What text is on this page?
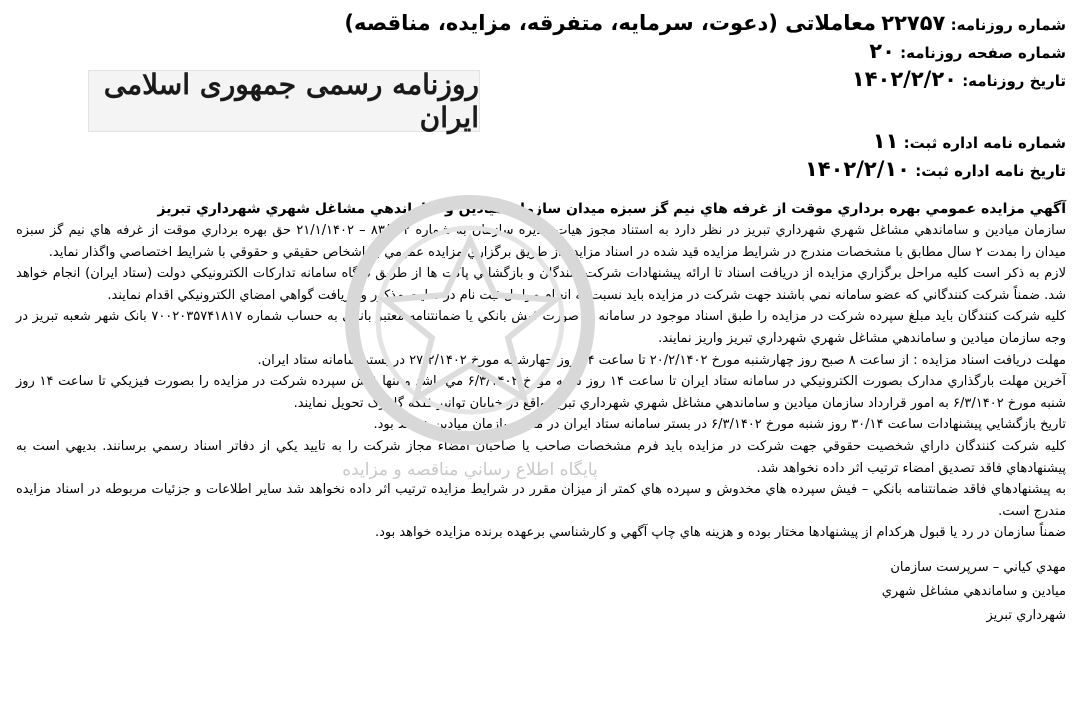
پايگاه اطلاع رساني مناقصه و مزايده
شماره روزنامه: ۲۲۷۵۷ معاملاتی (دعوت، سرمایه، متفرقه، مزایده، مناقصه)
شماره صفحه روزنامه: ۲۰
تاریخ روزنامه: ۱۴۰۲/۲/۲۰
روزنامه رسمی جمهوری اسلامی ایران
شماره نامه اداره ثبت: ۱۱
تاریخ نامه اداره ثبت: ۱۴۰۲/۲/۱۰
آگهي مزايده عمومي بهره برداري موقت از غرفه هاي نيم گز سبزه ميدان سازمان ميادين و ساماندهي مشاغل شهري شهرداري تبريز

سازمان ميادين و ساماندهي مشاغل شهري شهرداري تبريز در نظر دارد به استناد مجوز هيات مديره سازمان به شماره ۸۳/۱۴۲ – ۲۱/۱/۱۴۰۲ حق بهره برداري موقت از غرفه هاي نيم گز سبزه ميدان را بمدت ۲ سال مطابق با مشخصات مندرج در شرايط مزايده قيد شده در اسناد مزايده از طريق برگزاري مزايده عمومي به اشخاص حقيقي و حقوقي با شرايط اختصاصي واگذار نمايد.

لازم به ذکر است کليه مراحل برگزاري مزايده از دريافت اسناد تا ارائه پيشنهادات شرکت کنندگان و بازگشايي پاکت ها از طريق درگاه سامانه تدارکات الکترونيکي دولت (ستاد ايران) انجام خواهد شد. ضمناً شرکت کنندگاني که عضو سامانه نمي باشند جهت شرکت در مزايده بايد نسبت به انجام مراحل ثبت نام در سايت مذکور و دريافت گواهي امضاي الکترونيکي اقدام نمايند.

کليه شرکت کنندگان بايد مبلغ سپرده شرکت در مزايده را طبق اسناد موجود در سامانه به صورت فيش بانکي يا ضمانتنامه معتبر بانکي به حساب شماره ۷۰۰۲۰۳۵۷۴۱۸۱۷ بانک شهر شعبه تبريز در وجه سازمان ميادين و ساماندهي مشاغل شهري شهرداري تبريز واريز نمايند.

مهلت دريافت اسناد مزايده : از ساعت ۸ صبح روز چهارشنبه مورخ ۲۰/۲/۱۴۰۲ تا ساعت ۱۴ روز چهارشنبه مورخ ۲۷/۲/۱۴۰۲ در بستر سامانه ستاد ايران.

آخرين مهلت بارگذاري مدارک بصورت الکترونيکي در سامانه ستاد ايران تا ساعت ۱۴ روز شنبه مورخ ۶/۳/۱۴۰۲ مي باشد و تنها فيش سپرده شرکت در مزايده را بصورت فيزيکي تا ساعت ۱۴ روز شنبه مورخ ۶/۳/۱۴۰۲ به امور قرارداد سازمان ميادين و ساماندهي مشاغل شهري شهرداري تبريز واقع در خيابان توانير فلکه گلپارک تحويل نمايند.

تاريخ بازگشايي پيشنهادات ساعت ۳۰/۱۴ روز شنبه مورخ ۶/۳/۱۴۰۲ در بستر سامانه ستاد ايران در محل سازمان ميادين خواهد بود.

کليه شرکت کنندگان داراي شخصيت حقوقي جهت شرکت در مزايده بايد فرم مشخصات صاحب يا صاحبان امضاء مجاز شرکت را به تاييد يکي از دفاتر اسناد رسمي برسانند. بديهي است به پيشنهادهاي فاقد تصديق امضاء ترتيب اثر داده نخواهد شد.

به پيشنهادهاي فاقد ضمانتنامه بانکي – فيش سپرده هاي مخدوش و سپرده هاي کمتر از ميزان مقرر در شرايط مزايده ترتيب اثر داده نخواهد شد ساير اطلاعات و جزئيات مربوطه در اسناد مزايده مندرج است.

ضمناً سازمان در رد يا قبول هرکدام از پيشنهادها مختار بوده و هزينه هاي چاپ آگهي و کارشناسي برعهده برنده مزايده خواهد بود.

مهدي کياني – سرپرست سازمان
ميادين و ساماندهي مشاغل شهري
شهرداري تبريز
